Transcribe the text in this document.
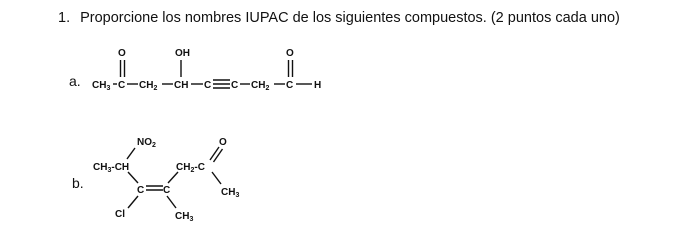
1. Proporcione los nombres IUPAC de los siguientes compuestos. (2 puntos cada uno)
a.
b.
$CH_3$ C
O
$CH_2$ CH
OH
C C $CH_2$ C
O
H
$NO_2$
$CH_3-CH$
C C
Cl	$CH_3$
$CH_2-C$
O
$CH_3$
